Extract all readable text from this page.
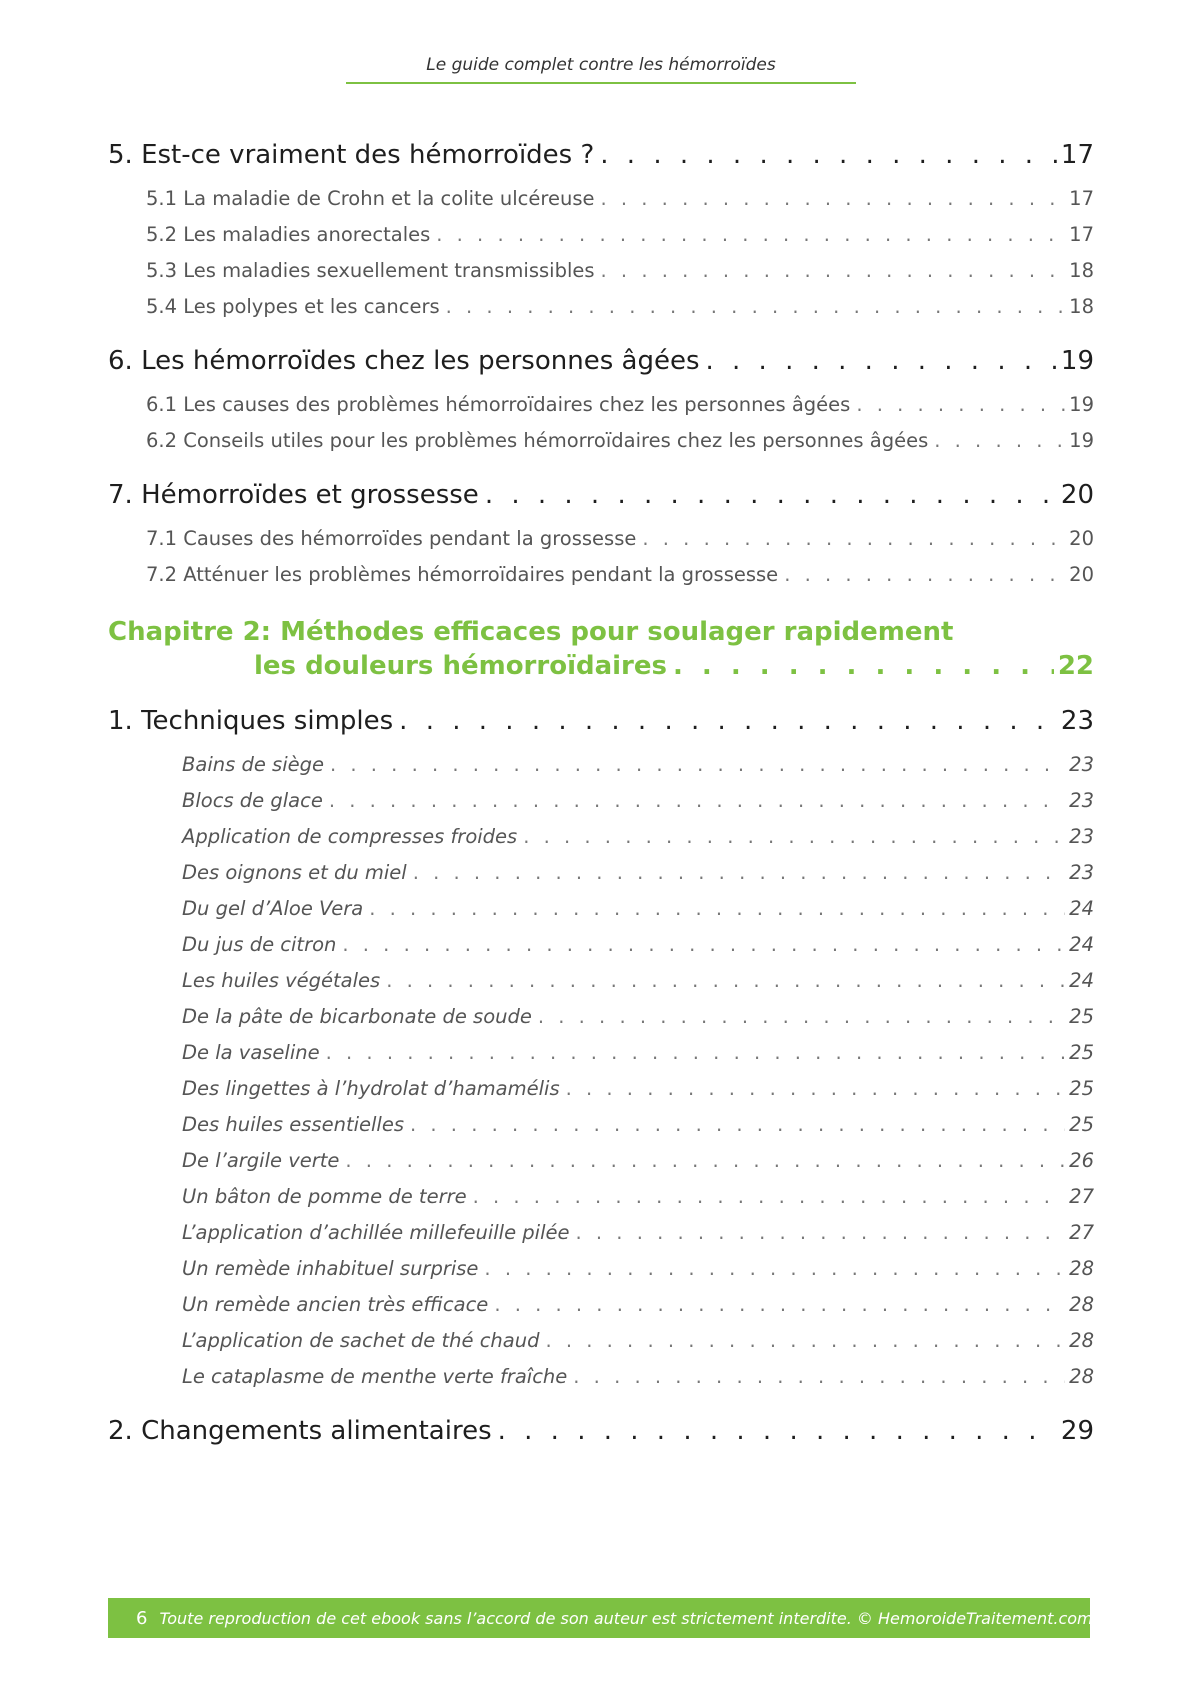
Le guide complet contre les hémorroïdes
5. Est-ce vraiment des hémorroïdes ? . . .	17
5.1 La maladie de Crohn et la colite ulcéreuse . . .	17
5.2 Les maladies anorectales . . .	17
5.3 Les maladies sexuellement transmissibles . . .	18
5.4 Les polypes et les cancers . . .	18
6. Les hémorroïdes chez les personnes âgées . . .	19
6.1 Les causes des problèmes hémorroïdaires chez les personnes âgées . . .	19
6.2 Conseils utiles pour les problèmes hémorroïdaires chez les personnes âgées . . .	19
7. Hémorroïdes et grossesse . . .	20
7.1 Causes des hémorroïdes pendant la grossesse . . .	20
7.2 Atténuer les problèmes hémorroïdaires pendant la grossesse . . .	20
Chapitre 2: Méthodes efficaces pour soulager rapidement
les douleurs hémorroïdaires . . .	22
1. Techniques simples . . .	23
Bains de siège . . .	23
Blocs de glace . . .	23
Application de compresses froides . . .	23
Des oignons et du miel . . .	23
Du gel d’Aloe Vera . . .	24
Du jus de citron . . .	24
Les huiles végétales . . .	24
De la pâte de bicarbonate de soude . . .	25
De la vaseline . . .	25
Des lingettes à l’hydrolat d’hamamélis . . .	25
Des huiles essentielles . . .	25
De l’argile verte . . .	26
Un bâton de pomme de terre . . .	27
L’application d’achillée millefeuille pilée . . .	27
Un remède inhabituel surprise . . .	28
Un remède ancien très efficace . . .	28
L’application de sachet de thé chaud . . .	28
Le cataplasme de menthe verte fraîche . . .	28
2. Changements alimentaires . . .	29
6 Toute reproduction de cet ebook sans l’accord de son auteur est strictement interdite. © HemoroideTraitement.com
